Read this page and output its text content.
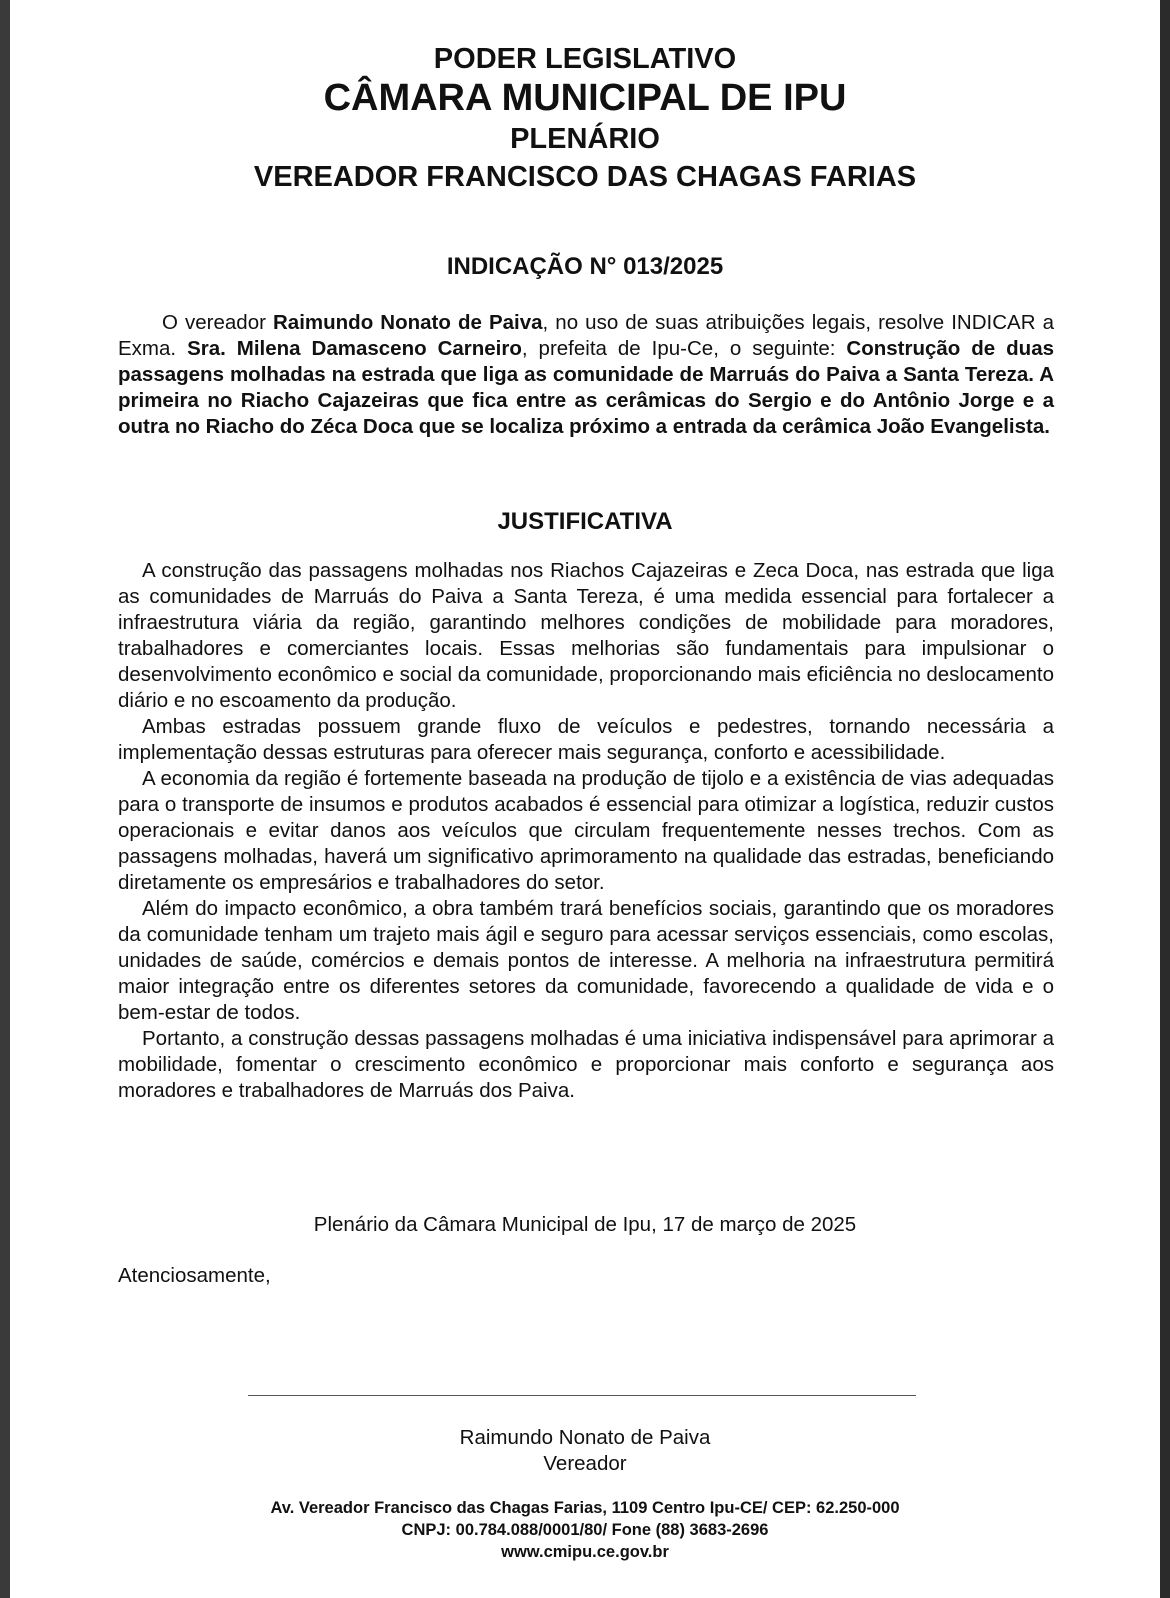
PODER LEGISLATIVO
CÂMARA MUNICIPAL DE IPU
PLENÁRIO
VEREADOR FRANCISCO DAS CHAGAS FARIAS
INDICAÇÃO N° 013/2025

O vereador Raimundo Nonato de Paiva, no uso de suas atribuições legais, resolve INDICAR a Exma. Sra. Milena Damasceno Carneiro, prefeita de Ipu-Ce, o seguinte: Construção de duas passagens molhadas na estrada que liga as comunidade de Marruás do Paiva a Santa Tereza. A primeira no Riacho Cajazeiras que fica entre as cerâmicas do Sergio e do Antônio Jorge e a outra no Riacho do Zéca Doca que se localiza próximo a entrada da cerâmica João Evangelista.

JUSTIFICATIVA

A construção das passagens molhadas nos Riachos Cajazeiras e Zeca Doca, nas estrada que liga as comunidades de Marruás do Paiva a Santa Tereza, é uma medida essencial para fortalecer a infraestrutura viária da região, garantindo melhores condições de mobilidade para moradores, trabalhadores e comerciantes locais. Essas melhorias são fundamentais para impulsionar o desenvolvimento econômico e social da comunidade, proporcionando mais eficiência no deslocamento diário e no escoamento da produção.

Ambas estradas possuem grande fluxo de veículos e pedestres, tornando necessária a implementação dessas estruturas para oferecer mais segurança, conforto e acessibilidade.

A economia da região é fortemente baseada na produção de tijolo e a existência de vias adequadas para o transporte de insumos e produtos acabados é essencial para otimizar a logística, reduzir custos operacionais e evitar danos aos veículos que circulam frequentemente nesses trechos. Com as passagens molhadas, haverá um significativo aprimoramento na qualidade das estradas, beneficiando diretamente os empresários e trabalhadores do setor.

Além do impacto econômico, a obra também trará benefícios sociais, garantindo que os moradores da comunidade tenham um trajeto mais ágil e seguro para acessar serviços essenciais, como escolas, unidades de saúde, comércios e demais pontos de interesse. A melhoria na infraestrutura permitirá maior integração entre os diferentes setores da comunidade, favorecendo a qualidade de vida e o bem-estar de todos.

Portanto, a construção dessas passagens molhadas é uma iniciativa indispensável para aprimorar a mobilidade, fomentar o crescimento econômico e proporcionar mais conforto e segurança aos moradores e trabalhadores de Marruás dos Paiva.

Plenário da Câmara Municipal de Ipu, 17 de março de 2025
Atenciosamente,
Raimundo Nonato de Paiva
Vereador
Av. Vereador Francisco das Chagas Farias, 1109 Centro Ipu-CE/ CEP: 62.250-000
CNPJ: 00.784.088/0001/80/ Fone (88) 3683-2696
www.cmipu.ce.gov.br
